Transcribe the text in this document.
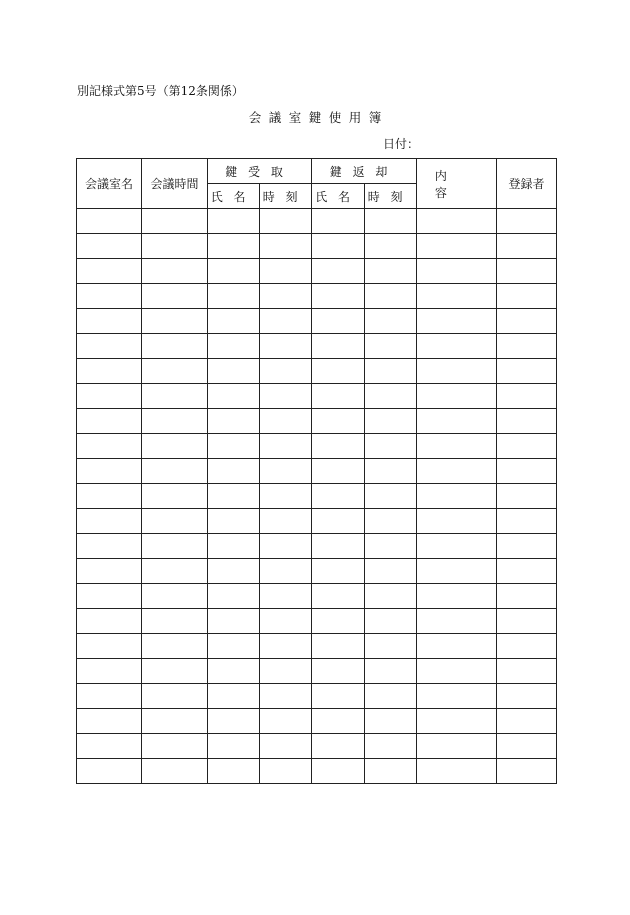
別記様式第5号（第12条関係）
会議室鍵使用簿
日付：
会議室名	会議時間	鍵受取		鍵返却		内容	登録者
		氏名	時刻	氏名	時刻		
